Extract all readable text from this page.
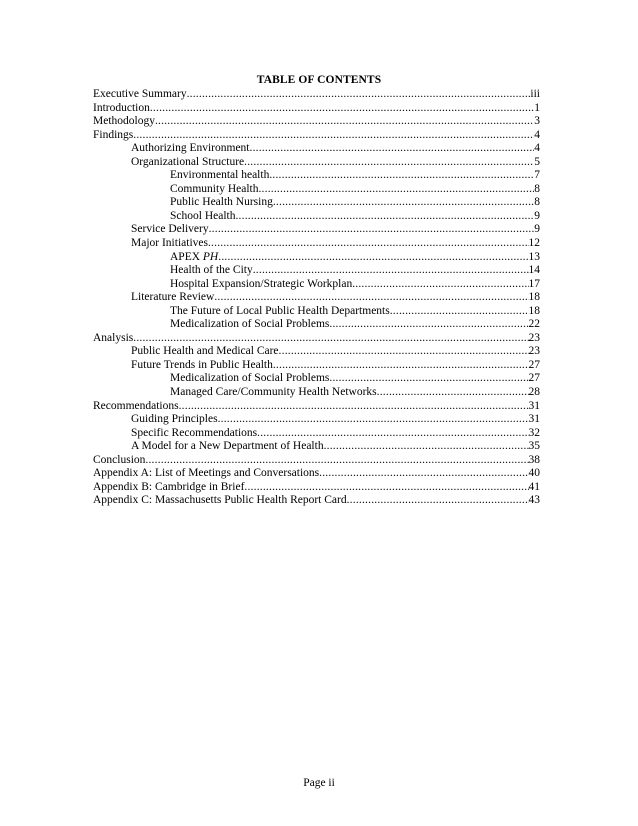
TABLE OF CONTENTS
Executive Summary .....	iii
Introduction .....	1
Methodology .....	3
Findings .....	4
Authorizing Environment .....	4
Organizational Structure .....	5
Environmental health .....	7
Community Health .....	8
Public Health Nursing .....	8
School Health .....	9
Service Delivery .....	9
Major Initiatives .....	12
APEX PH .....	13
Health of the City .....	14
Hospital Expansion/Strategic Workplan .....	17
Literature Review .....	18
The Future of Local Public Health Departments .....	18
Medicalization of Social Problems .....	22
Analysis .....	23
Public Health and Medical Care .....	23
Future Trends in Public Health .....	27
Medicalization of Social Problems .....	27
Managed Care/Community Health Networks .....	28
Recommendations .....	31
Guiding Principles .....	31
Specific Recommendations .....	32
A Model for a New Department of Health .....	35
Conclusion .....	38
Appendix A: List of Meetings and Conversations .....	40
Appendix B: Cambridge in Brief .....	41
Appendix C: Massachusetts Public Health Report Card .....	43
Page ii
